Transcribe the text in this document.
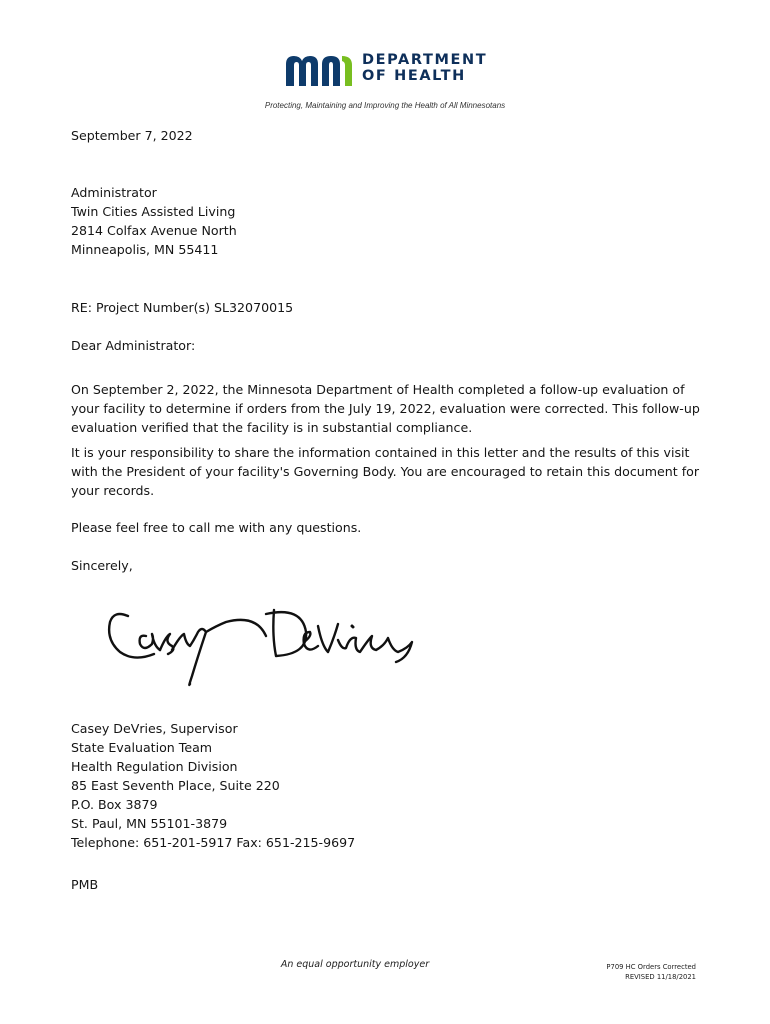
DEPARTMENT
OF HEALTH
Protecting, Maintaining and Improving the Health of All Minnesotans
September 7, 2022
Administrator
Twin Cities Assisted Living
2814 Colfax Avenue North
Minneapolis, MN 55411
RE: Project Number(s) SL32070015
Dear Administrator:
On September 2, 2022, the Minnesota Department of Health completed a follow-up evaluation of your facility to determine if orders from the July 19, 2022, evaluation were corrected. This follow-up evaluation verified that the facility is in substantial compliance.
It is your responsibility to share the information contained in this letter and the results of this visit with the President of your facility's Governing Body. You are encouraged to retain this document for your records.
Please feel free to call me with any questions.
Sincerely,
Casey DeVries, Supervisor
State Evaluation Team
Health Regulation Division
85 East Seventh Place, Suite 220
P.O. Box 3879
St. Paul, MN 55101-3879
Telephone: 651-201-5917 Fax: 651-215-9697
PMB
An equal opportunity employer	P709 HC Orders Corrected
REVISED 11/18/2021
